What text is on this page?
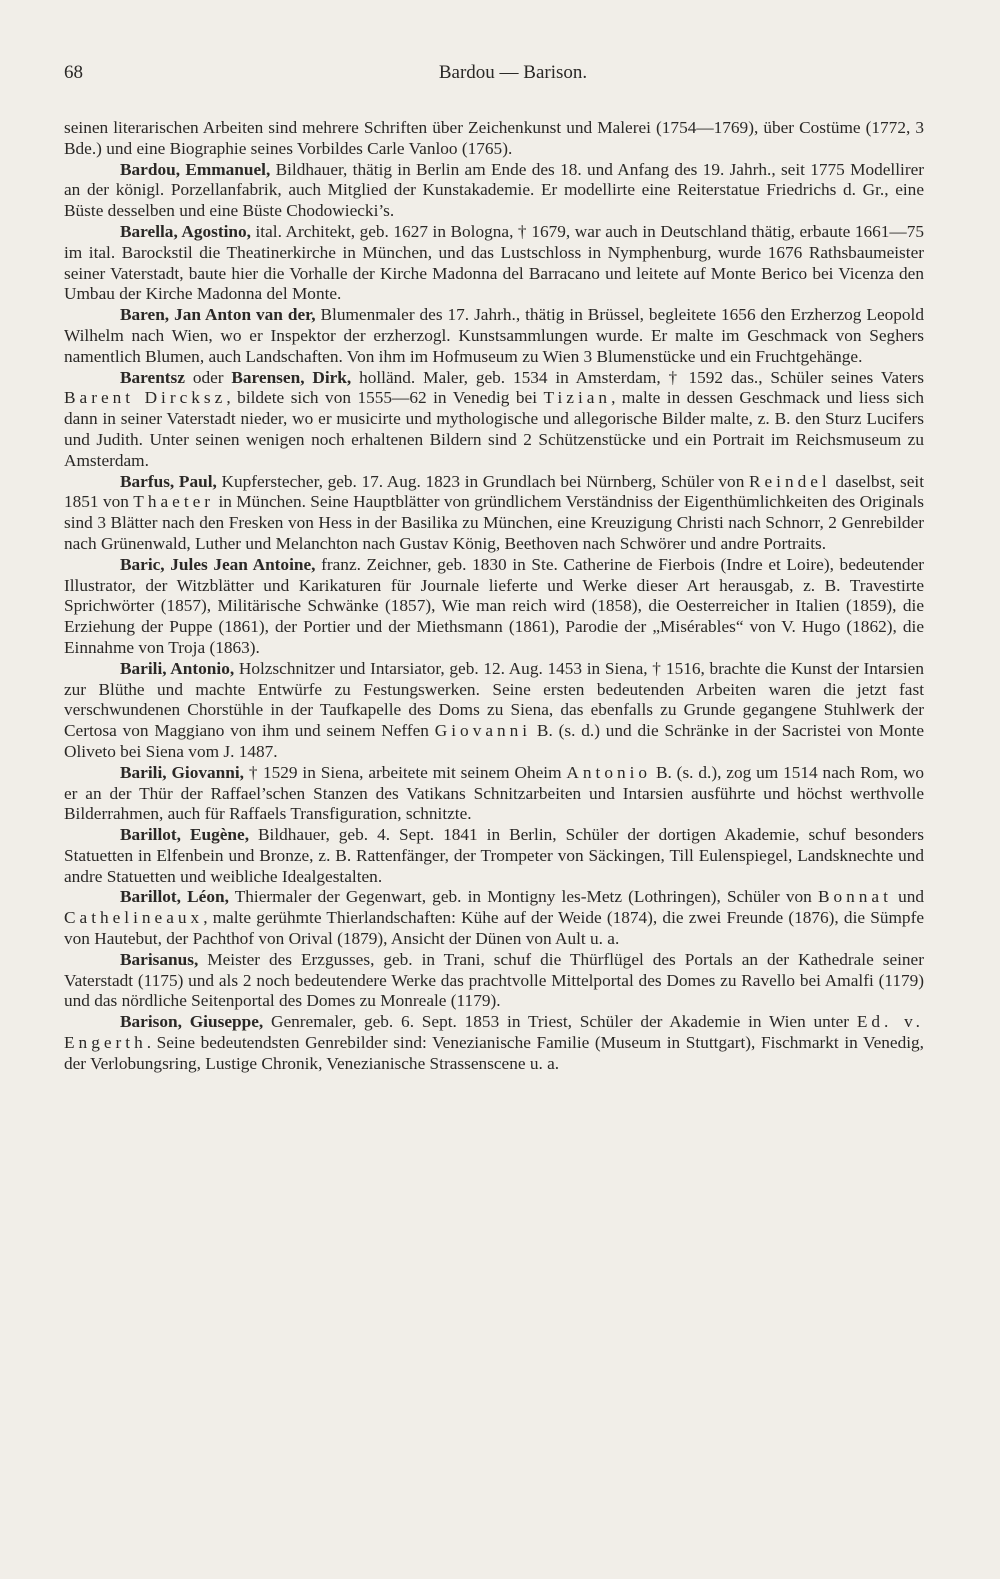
68	Bardou — Barison.

seinen literarischen Arbeiten sind mehrere Schriften über Zeichenkunst und Malerei (1754—1769), über Costüme (1772, 3 Bde.) und eine Biographie seines Vorbildes Carle Vanloo (1765).

Bardou, Emmanuel, Bildhauer, thätig in Berlin am Ende des 18. und Anfang des 19. Jahrh., seit 1775 Modellirer an der königl. Porzellanfabrik, auch Mitglied der Kunstakademie. Er modellirte eine Reiterstatue Friedrichs d. Gr., eine Büste desselben und eine Büste Chodowiecki’s.

Barella, Agostino, ital. Architekt, geb. 1627 in Bologna, † 1679, war auch in Deutschland thätig, erbaute 1661—75 im ital. Barockstil die Theatinerkirche in München, und das Lustschloss in Nymphenburg, wurde 1676 Rathsbaumeister seiner Vaterstadt, baute hier die Vorhalle der Kirche Madonna del Barracano und leitete auf Monte Berico bei Vicenza den Umbau der Kirche Madonna del Monte.

Baren, Jan Anton van der, Blumenmaler des 17. Jahrh., thätig in Brüssel, begleitete 1656 den Erzherzog Leopold Wilhelm nach Wien, wo er Inspektor der erzherzogl. Kunstsammlungen wurde. Er malte im Geschmack von Seghers namentlich Blumen, auch Landschaften. Von ihm im Hofmuseum zu Wien 3 Blumenstücke und ein Fruchtgehänge.

Barentsz oder Barensen, Dirk, holländ. Maler, geb. 1534 in Amsterdam, † 1592 das., Schüler seines Vaters Barent Dircksz, bildete sich von 1555—62 in Venedig bei Tizian, malte in dessen Geschmack und liess sich dann in seiner Vaterstadt nieder, wo er musicirte und mythologische und allegorische Bilder malte, z. B. den Sturz Lucifers und Judith. Unter seinen wenigen noch erhaltenen Bildern sind 2 Schützenstücke und ein Portrait im Reichsmuseum zu Amsterdam.

Barfus, Paul, Kupferstecher, geb. 17. Aug. 1823 in Grundlach bei Nürnberg, Schüler von Reindel daselbst, seit 1851 von Thaeter in München. Seine Hauptblätter von gründlichem Verständniss der Eigenthümlichkeiten des Originals sind 3 Blätter nach den Fresken von Hess in der Basilika zu München, eine Kreuzigung Christi nach Schnorr, 2 Genrebilder nach Grünenwald, Luther und Melanchton nach Gustav König, Beethoven nach Schwörer und andre Portraits.

Baric, Jules Jean Antoine, franz. Zeichner, geb. 1830 in Ste. Catherine de Fierbois (Indre et Loire), bedeutender Illustrator, der Witzblätter und Karikaturen für Journale lieferte und Werke dieser Art herausgab, z. B. Travestirte Sprichwörter (1857), Militärische Schwänke (1857), Wie man reich wird (1858), die Oesterreicher in Italien (1859), die Erziehung der Puppe (1861), der Portier und der Miethsmann (1861), Parodie der „Misérables“ von V. Hugo (1862), die Einnahme von Troja (1863).

Barili, Antonio, Holzschnitzer und Intarsiator, geb. 12. Aug. 1453 in Siena, † 1516, brachte die Kunst der Intarsien zur Blüthe und machte Entwürfe zu Festungswerken. Seine ersten bedeutenden Arbeiten waren die jetzt fast verschwundenen Chorstühle in der Taufkapelle des Doms zu Siena, das ebenfalls zu Grunde gegangene Stuhlwerk der Certosa von Maggiano von ihm und seinem Neffen Giovanni B. (s. d.) und die Schränke in der Sacristei von Monte Oliveto bei Siena vom J. 1487.

Barili, Giovanni, † 1529 in Siena, arbeitete mit seinem Oheim Antonio B. (s. d.), zog um 1514 nach Rom, wo er an der Thür der Raffael’schen Stanzen des Vatikans Schnitzarbeiten und Intarsien ausführte und höchst werthvolle Bilderrahmen, auch für Raffaels Transfiguration, schnitzte.

Barillot, Eugène, Bildhauer, geb. 4. Sept. 1841 in Berlin, Schüler der dortigen Akademie, schuf besonders Statuetten in Elfenbein und Bronze, z. B. Rattenfänger, der Trompeter von Säckingen, Till Eulenspiegel, Landsknechte und andre Statuetten und weibliche Idealgestalten.

Barillot, Léon, Thiermaler der Gegenwart, geb. in Montigny les-Metz (Lothringen), Schüler von Bonnat und Cathelineaux, malte gerühmte Thierlandschaften: Kühe auf der Weide (1874), die zwei Freunde (1876), die Sümpfe von Hautebut, der Pachthof von Orival (1879), Ansicht der Dünen von Ault u. a.

Barisanus, Meister des Erzgusses, geb. in Trani, schuf die Thürflügel des Portals an der Kathedrale seiner Vaterstadt (1175) und als 2 noch bedeutendere Werke das prachtvolle Mittelportal des Domes zu Ravello bei Amalfi (1179) und das nördliche Seitenportal des Domes zu Monreale (1179).

Barison, Giuseppe, Genremaler, geb. 6. Sept. 1853 in Triest, Schüler der Akademie in Wien unter Ed. v. Engerth. Seine bedeutendsten Genrebilder sind: Venezianische Familie (Museum in Stuttgart), Fischmarkt in Venedig, der Verlobungsring, Lustige Chronik, Venezianische Strassenscene u. a.
